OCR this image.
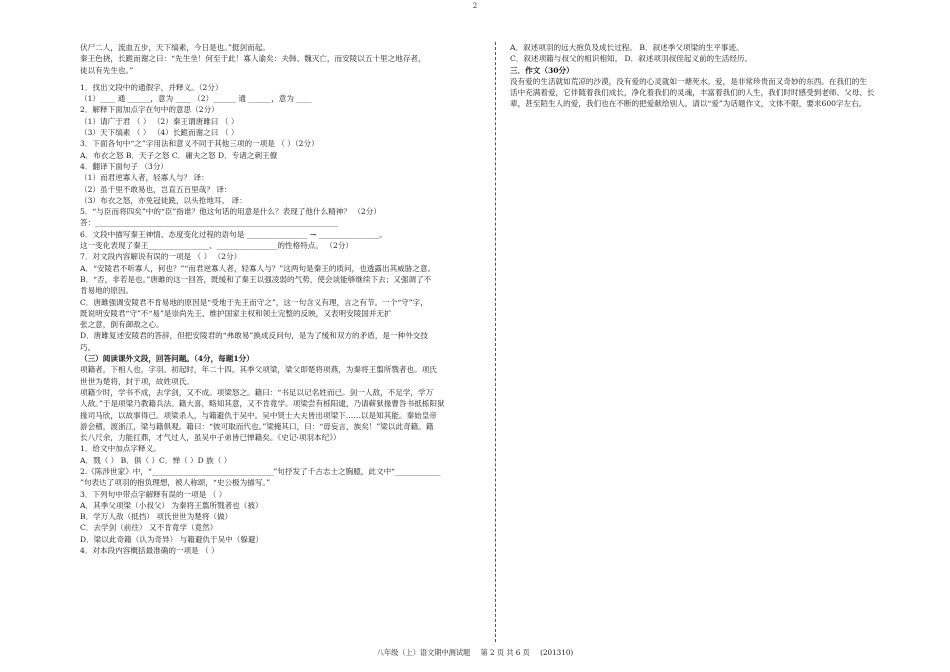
2
伏尸二人，流血五步，天下缟素，今日是也。”挺剑而起。
秦王色挠，长跪而谢之曰：“先生坐！何至于此！寡人谕矣：夫韩、魏灭亡，而安陵以五十里之地存者，
徒以有先生也。”
1．找出文段中的通假字，并释义。（2分）
（1）____ 通 ______，意为 ____ （2）______ 通 ______，意为 ____
2．解释下面加点字在句中的意思（2分）
（1）请广于君 （ ） （2）秦王谓唐雎曰 （ ）
（3）天下缟素 （ ） （4）长跪而谢之曰 （ ）
3．下面各句中“之”字用法和意义不同于其他三项的一项是 （ ）（2分）
A．布衣之怒 B．天子之怒 C．庸夫之怒 D．专诸之刺王僚
4．翻译下面句子 （3分）
（1）而君逆寡人者，轻寡人与？ 译：
（2）虽千里不敢易也，岂直五百里哉？ 译：
（3）布衣之怒，亦免冠徒跣，以头抢地耳。 译：
5．“与臣而将四矣”中的“臣”指谁？他这句话的用意是什么？表现了他什么精神？ （2分）
答：________________________________________________________________
6．文段中描写秦王神情、态度变化过程的语句是 ________________ → ________________。
这一变化表现了秦王________________、________________的性格特点。 （2分）
7．对文段内容解说有误的一项是 （ ） （2分）
A．“安陵君不听寡人，何也？”“而君逆寡人者，轻寡人与？”这两句是秦王的质问，也透露出其威胁之意。
B．“否，非若是也。”唐雎的这一回答，既缓和了秦王以强凌弱的气势，使会谈能够继续下去；又强调了不
肯易地的原因。
C．唐雎强调安陵君不肯易地的原因是“受地于先王而守之”，这一句含义有理，言之有节。一个“守”字，
既说明安陵君“守”不“易”是崇尚先王、维护国家主权和领土完整的反映，又表明安陵国并无扩
张之意，倒有御敌之心。
D．唐雎复述安陵君的答辞，但把安陵君的“弗敢易”换成反问句，是为了缓和双方的矛盾，是一种外交技
巧。
（三）阅读课外文段，回答问题。（4分，每题1分）
项籍者，下相人也，字羽。初起时，年二十四。其季父项梁，梁父即楚将项燕，为秦将王翦所戮者也。项氏
世世为楚将，封于项，故姓项氏。
项籍少时，学书不成，去学剑，又不成。项梁怒之。籍曰：“书足以记名姓而已。剑一人敌，不足学，学万
人敌。”于是项梁乃教籍兵法。籍大喜，略知其意，又不肯竟学。项梁尝有栎阳逮，乃请蕲狱掾曹咎书抵栎阳狱
掾司马欣，以故事得已。项梁杀人，与籍避仇于吴中。吴中贤士大夫皆出项梁下……以是知其能。秦始皇帝
游会稽，渡浙江，梁与籍俱观。籍曰：“彼可取而代也。”梁掩其口，曰：“毋妄言，族矣！”梁以此奇籍。籍
长八尺余，力能扛鼎，才气过人，虽吴中子弟皆已惮籍矣。《史记·项羽本纪》）
1．给文中加点字释义。
A．戮（ ） B．俱（ ）C．惮（ ）D 族（ ）
2.《陈涉世家》中，“________________________________”句抒发了千古志士之胸臆，此文中“____________
”句表达了项羽的抱负理想，被人称颂，“史公极为描写。”
3．下列句中带点字解释有误的一项是 （ ）
A．其季父项梁（小叔父） 为秦将王翦所戮者也（被）
B．学万人敌（抵挡） 项氏世世为楚将（做）
C．去学剑（前往） 又不肯竟学（竟然）
D．梁以此奇籍（认为奇异） 与籍避仇于吴中（躲避）
4．对本段内容概括最准确的一项是 （ ）
A．叙述项羽的远大抱负及成长过程。 B．叙述季父项梁的生平事迹。
C．叙述项籍与叔父的相识相知。 D．叙述项羽叔侄起义前的生活经历。
三．作文（30分）
没有爱的生活就如荒凉的沙漠，没有爱的心灵就如一塘死水。爱，是非常珍贵而又奇妙的东西。在我们的生
活中充满着爱，它伴随着我们成长，净化着我们的灵魂，丰富着我们的人生，我们时时感受到老师、父母、长
辈，甚至陌生人的爱，我们也在不断的把爱献给别人。请以“爱”为话题作文，文体不限，要求600字左右。
八年级（上）语文期中测试题 第 2 页 共 6 页 (201310)
